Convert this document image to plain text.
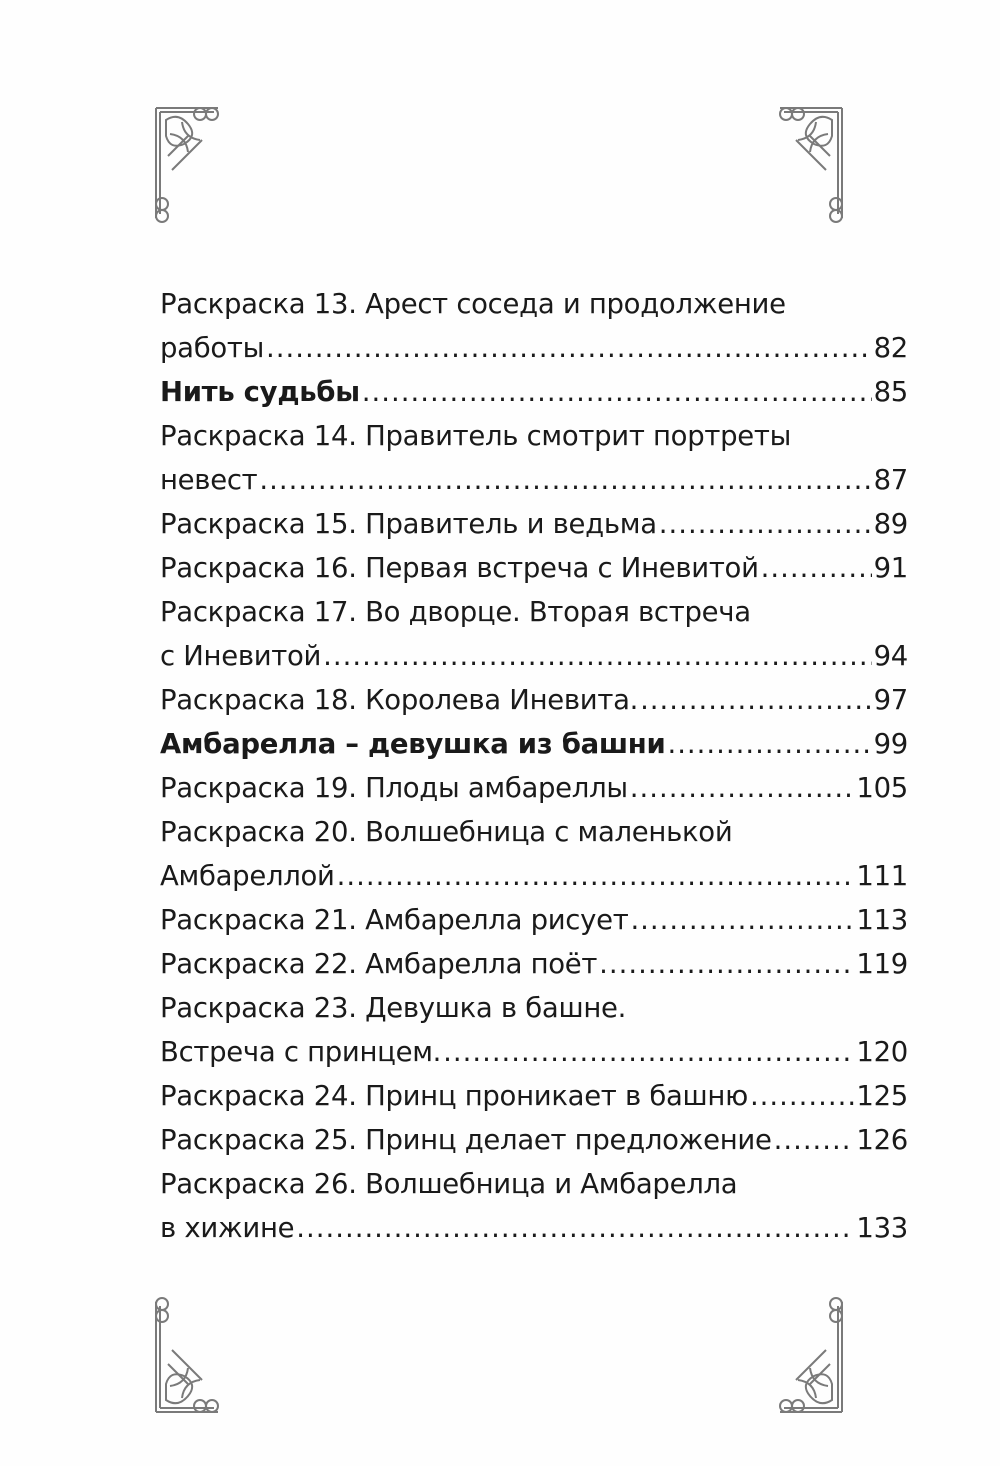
Раскраска 13. Арест соседа и продолжение
работы .....	82
Нить судьбы .....	85
Раскраска 14. Правитель смотрит портреты
невест .....	87
Раскраска 15. Правитель и ведьма .....	89
Раскраска 16. Первая встреча с Иневитой .....	91
Раскраска 17. Во дворце. Вторая встреча
с Иневитой .....	94
Раскраска 18. Королева Иневита. .....	97
Амбарелла – девушка из башни .....	99
Раскраска 19. Плоды амбареллы .....	105
Раскраска 20. Волшебница с маленькой
Амбареллой .....	111
Раскраска 21. Амбарелла рисует .....	113
Раскраска 22. Амбарелла поёт .....	119
Раскраска 23. Девушка в башне.
Встреча с принцем. .....	120
Раскраска 24. Принц проникает в башню .....	125
Раскраска 25. Принц делает предложение .....	126
Раскраска 26. Волшебница и Амбарелла
в хижине .....	133
